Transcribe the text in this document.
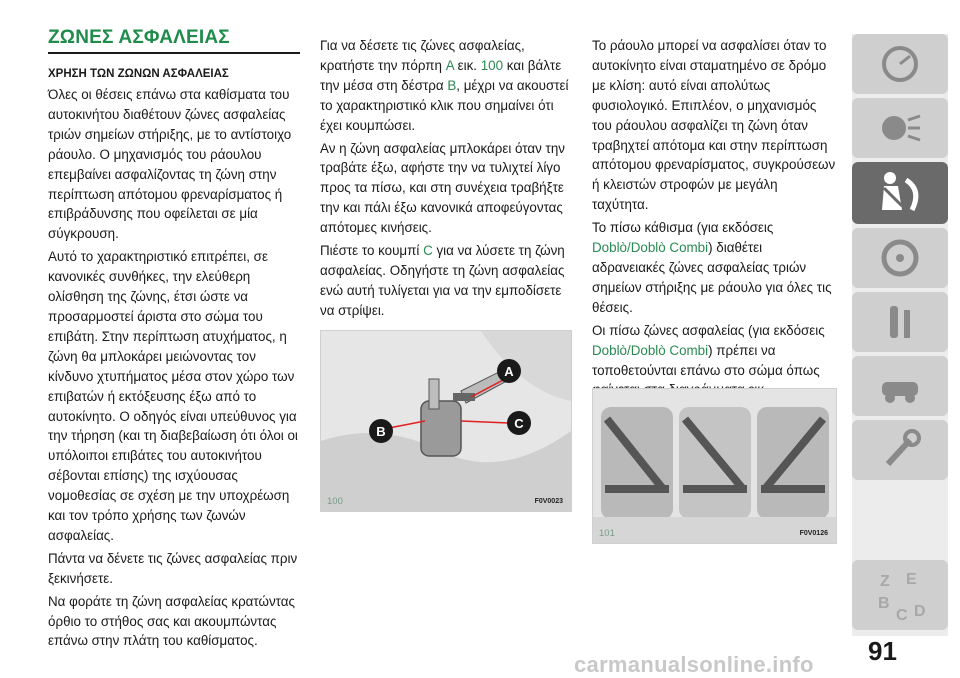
ΖΩΝΕΣ ΑΣΦΑΛΕΙΑΣ
ΧΡΗΣΗ ΤΩΝ ΖΩΝΩΝ ΑΣΦΑΛΕΙΑΣ

Όλες οι θέσεις επάνω στα καθίσματα του αυτοκινήτου διαθέτουν ζώνες ασφαλείας τριών σημείων στήριξης, με το αντίστοιχο ράουλο. Ο μηχανισμός του ράουλου επεμβαίνει ασφαλίζοντας τη ζώνη στην περίπτωση απότομου φρεναρίσματος ή επιβράδυνσης που οφείλεται σε μία σύγκρουση.

Αυτό το χαρακτηριστικό επιτρέπει, σε κανονικές συνθήκες, την ελεύθερη ολίσθηση της ζώνης, έτσι ώστε να προσαρμοστεί άριστα στο σώμα του επιβάτη. Στην περίπτωση ατυχήματος, η ζώνη θα μπλοκάρει μειώνοντας τον κίνδυνο χτυπήματος μέσα στον χώρο των επιβατών ή εκτόξευσης έξω από το αυτοκίνητο. Ο οδηγός είναι υπεύθυνος για την τήρηση (και τη διαβεβαίωση ότι όλοι οι υπόλοιποι επιβάτες του αυτοκινήτου σέβονται επίσης) της ισχύουσας νομοθεσίας σε σχέση με την υποχρέωση και τον τρόπο χρήσης των ζωνών ασφαλείας.

Πάντα να δένετε τις ζώνες ασφαλείας πριν ξεκινήσετε.

Να φοράτε τη ζώνη ασφαλείας κρατώντας όρθιο το στήθος σας και ακουμπώντας επάνω στην πλάτη του καθίσματος.

Για να δέσετε τις ζώνες ασφαλείας, κρατήστε την πόρπη A εικ. 100 και βάλτε την μέσα στη δέστρα B, μέχρι να ακουστεί το χαρακτηριστικό κλικ που σημαίνει ότι έχει κουμπώσει.

Αν η ζώνη ασφαλείας μπλοκάρει όταν την τραβάτε έξω, αφήστε την να τυλιχτεί λίγο προς τα πίσω, και στη συνέχεια τραβήξτε την και πάλι έξω κανονικά αποφεύγοντας απότομες κινήσεις.

Πιέστε το κουμπί C για να λύσετε τη ζώνη ασφαλείας. Οδηγήστε τη ζώνη ασφαλείας ενώ αυτή τυλίγεται για να την εμποδίσετε να στρίψει.

A
B
C
100	F0V0023

Το ράουλο μπορεί να ασφαλίσει όταν το αυτοκίνητο είναι σταματημένο σε δρόμο με κλίση: αυτό είναι απολύτως φυσιολογικό. Επιπλέον, ο μηχανισμός του ράουλου ασφαλίζει τη ζώνη όταν τραβηχτεί απότομα και στην περίπτωση απότομου φρεναρίσματος, συγκρούσεων ή κλειστών στροφών με μεγάλη ταχύτητα.

Το πίσω κάθισμα (για εκδόσεις Doblò/Doblò Combi) διαθέτει αδρανειακές ζώνες ασφαλείας τριών σημείων στήριξης με ράουλο για όλες τις θέσεις.

Οι πίσω ζώνες ασφαλείας (για εκδόσεις Doblò/Doblò Combi) πρέπει να τοποθετούνται επάνω στο σώμα όπως

101	F0V0126
Z E
B
C D
91
carmanualsonline.info
